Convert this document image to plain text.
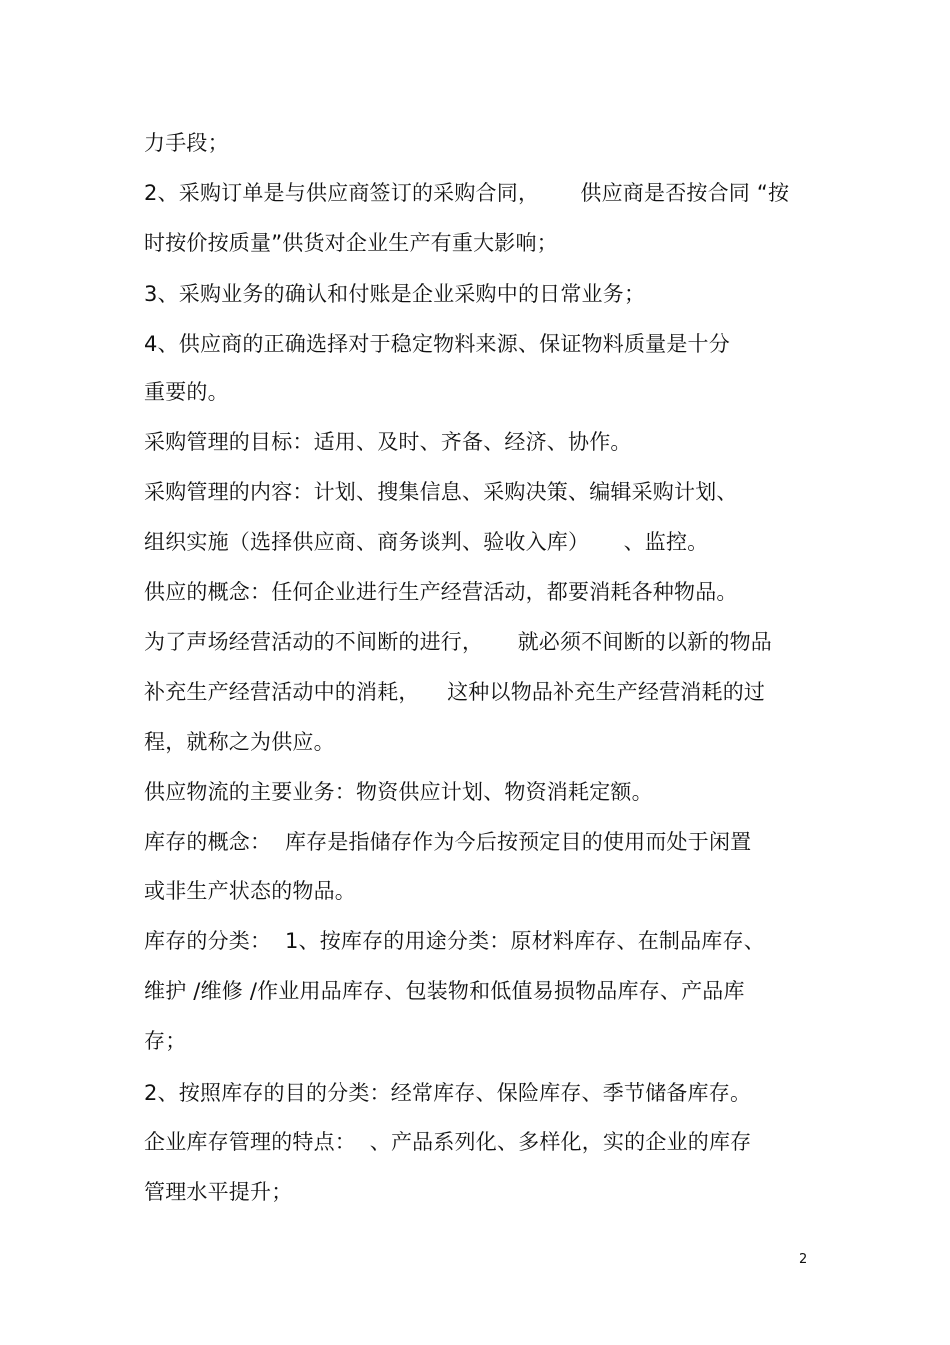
力手段；
2、采购订单是与供应商签订的采购合同，      供应商是否按合同 “按
时按价按质量”供货对企业生产有重大影响；
3、采购业务的确认和付账是企业采购中的日常业务；
4、供应商的正确选择对于稳定物料来源、保证物料质量是十分
重要的。
采购管理的目标：适用、及时、齐备、经济、协作。
采购管理的内容：计划、搜集信息、采购决策、编辑采购计划、
组织实施（选择供应商、商务谈判、验收入库）     、监控。
供应的概念：任何企业进行生产经营活动，都要消耗各种物品。
为了声场经营活动的不间断的进行，     就必须不间断的以新的物品
补充生产经营活动中的消耗，    这种以物品补充生产经营消耗的过
程，就称之为供应。
供应物流的主要业务：物资供应计划、物资消耗定额。
库存的概念：  库存是指储存作为今后按预定目的使用而处于闲置
或非生产状态的物品。
库存的分类：  1、按库存的用途分类：原材料库存、在制品库存、
维护 /维修 /作业用品库存、包装物和低值易损物品库存、产品库
存；
2、按照库存的目的分类：经常库存、保险库存、季节储备库存。
企业库存管理的特点：  、产品系列化、多样化，实的企业的库存
管理水平提升；
2
